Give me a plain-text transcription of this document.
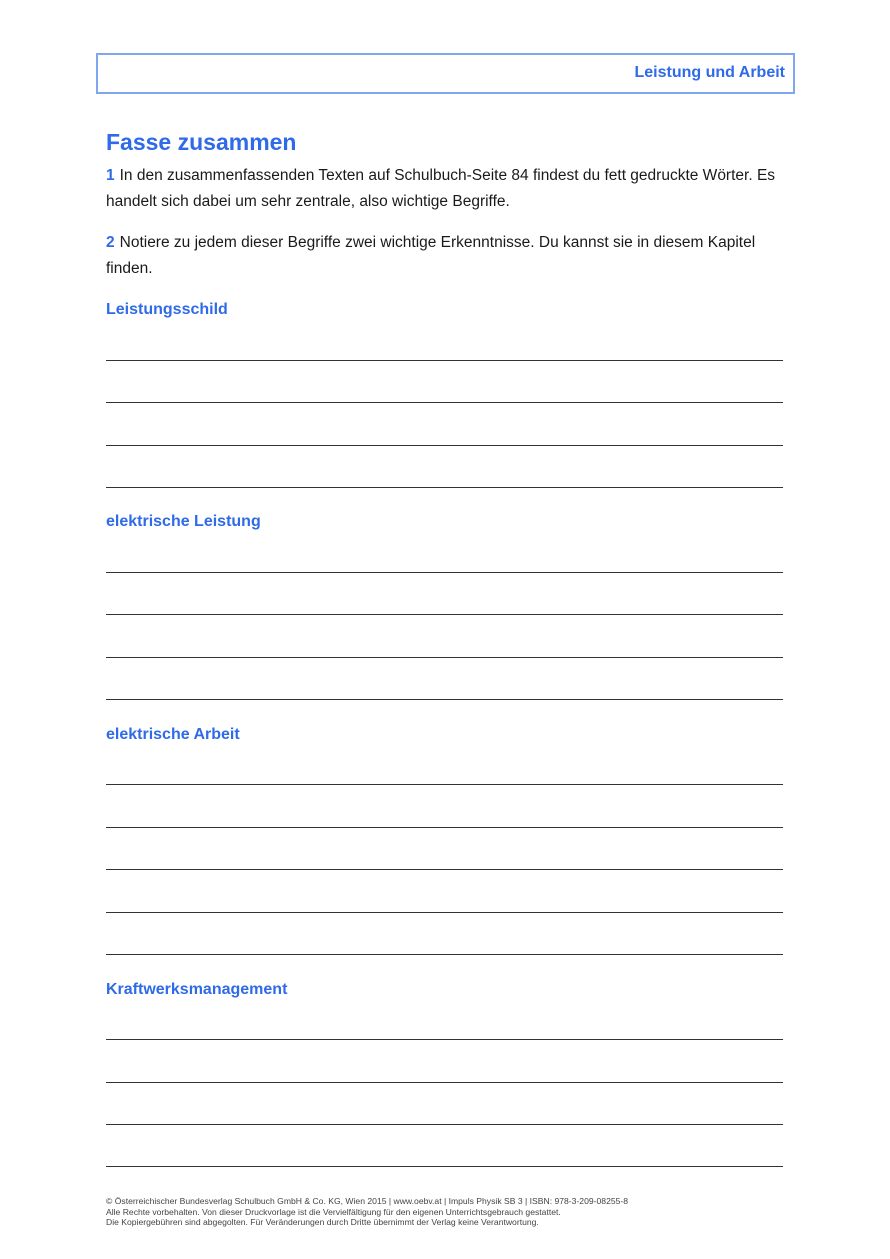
Leistung und Arbeit
Fasse zusammen

1 In den zusammenfassenden Texten auf Schulbuch-Seite 84 findest du fett gedruckte Wörter. Es handelt sich dabei um sehr zentrale, also wichtige Begriffe.

2 Notiere zu jedem dieser Begriffe zwei wichtige Erkenntnisse. Du kannst sie in diesem Kapitel finden.

Leistungsschild
elektrische Leistung
elektrische Arbeit
Kraftwerksmanagement
© Österreichischer Bundesverlag Schulbuch GmbH & Co. KG, Wien 2015 | www.oebv.at | Impuls Physik SB 3 | ISBN: 978-3-209-08255-8
Alle Rechte vorbehalten. Von dieser Druckvorlage ist die Vervielfältigung für den eigenen Unterrichtsgebrauch gestattet.
Die Kopiergebühren sind abgegolten. Für Veränderungen durch Dritte übernimmt der Verlag keine Verantwortung.
